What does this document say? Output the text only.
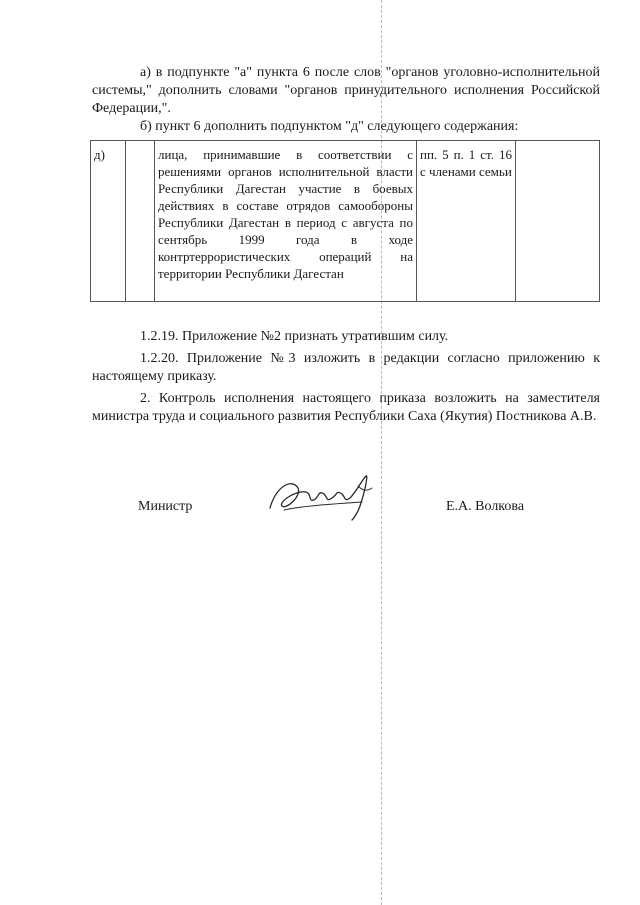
а) в подпункте "а" пункта 6 после слов "органов уголовно-исполнительной системы," дополнить словами "органов принудительного исполнения Российской Федерации,".

б) пункт 6 дополнить подпунктом "д" следующего содержания:

д)		лица, принимавшие в соответствии с решениями органов исполнительной власти Республики Дагестан участие в боевых действиях в составе отрядов самообороны Республики Дагестан в период с августа по сентябрь 1999 года в ходе контртеррористических операций на территории Республики Дагестан	пп. 5 п. 1 ст. 16 с членами семьи	

1.2.19. Приложение №2 признать утратившим силу.

1.2.20. Приложение №3 изложить в редакции согласно приложению к настоящему приказу.

2. Контроль исполнения настоящего приказа возложить на заместителя министра труда и социального развития Республики Саха (Якутия) Постникова А.В.

Министр	Е.А. Волкова
